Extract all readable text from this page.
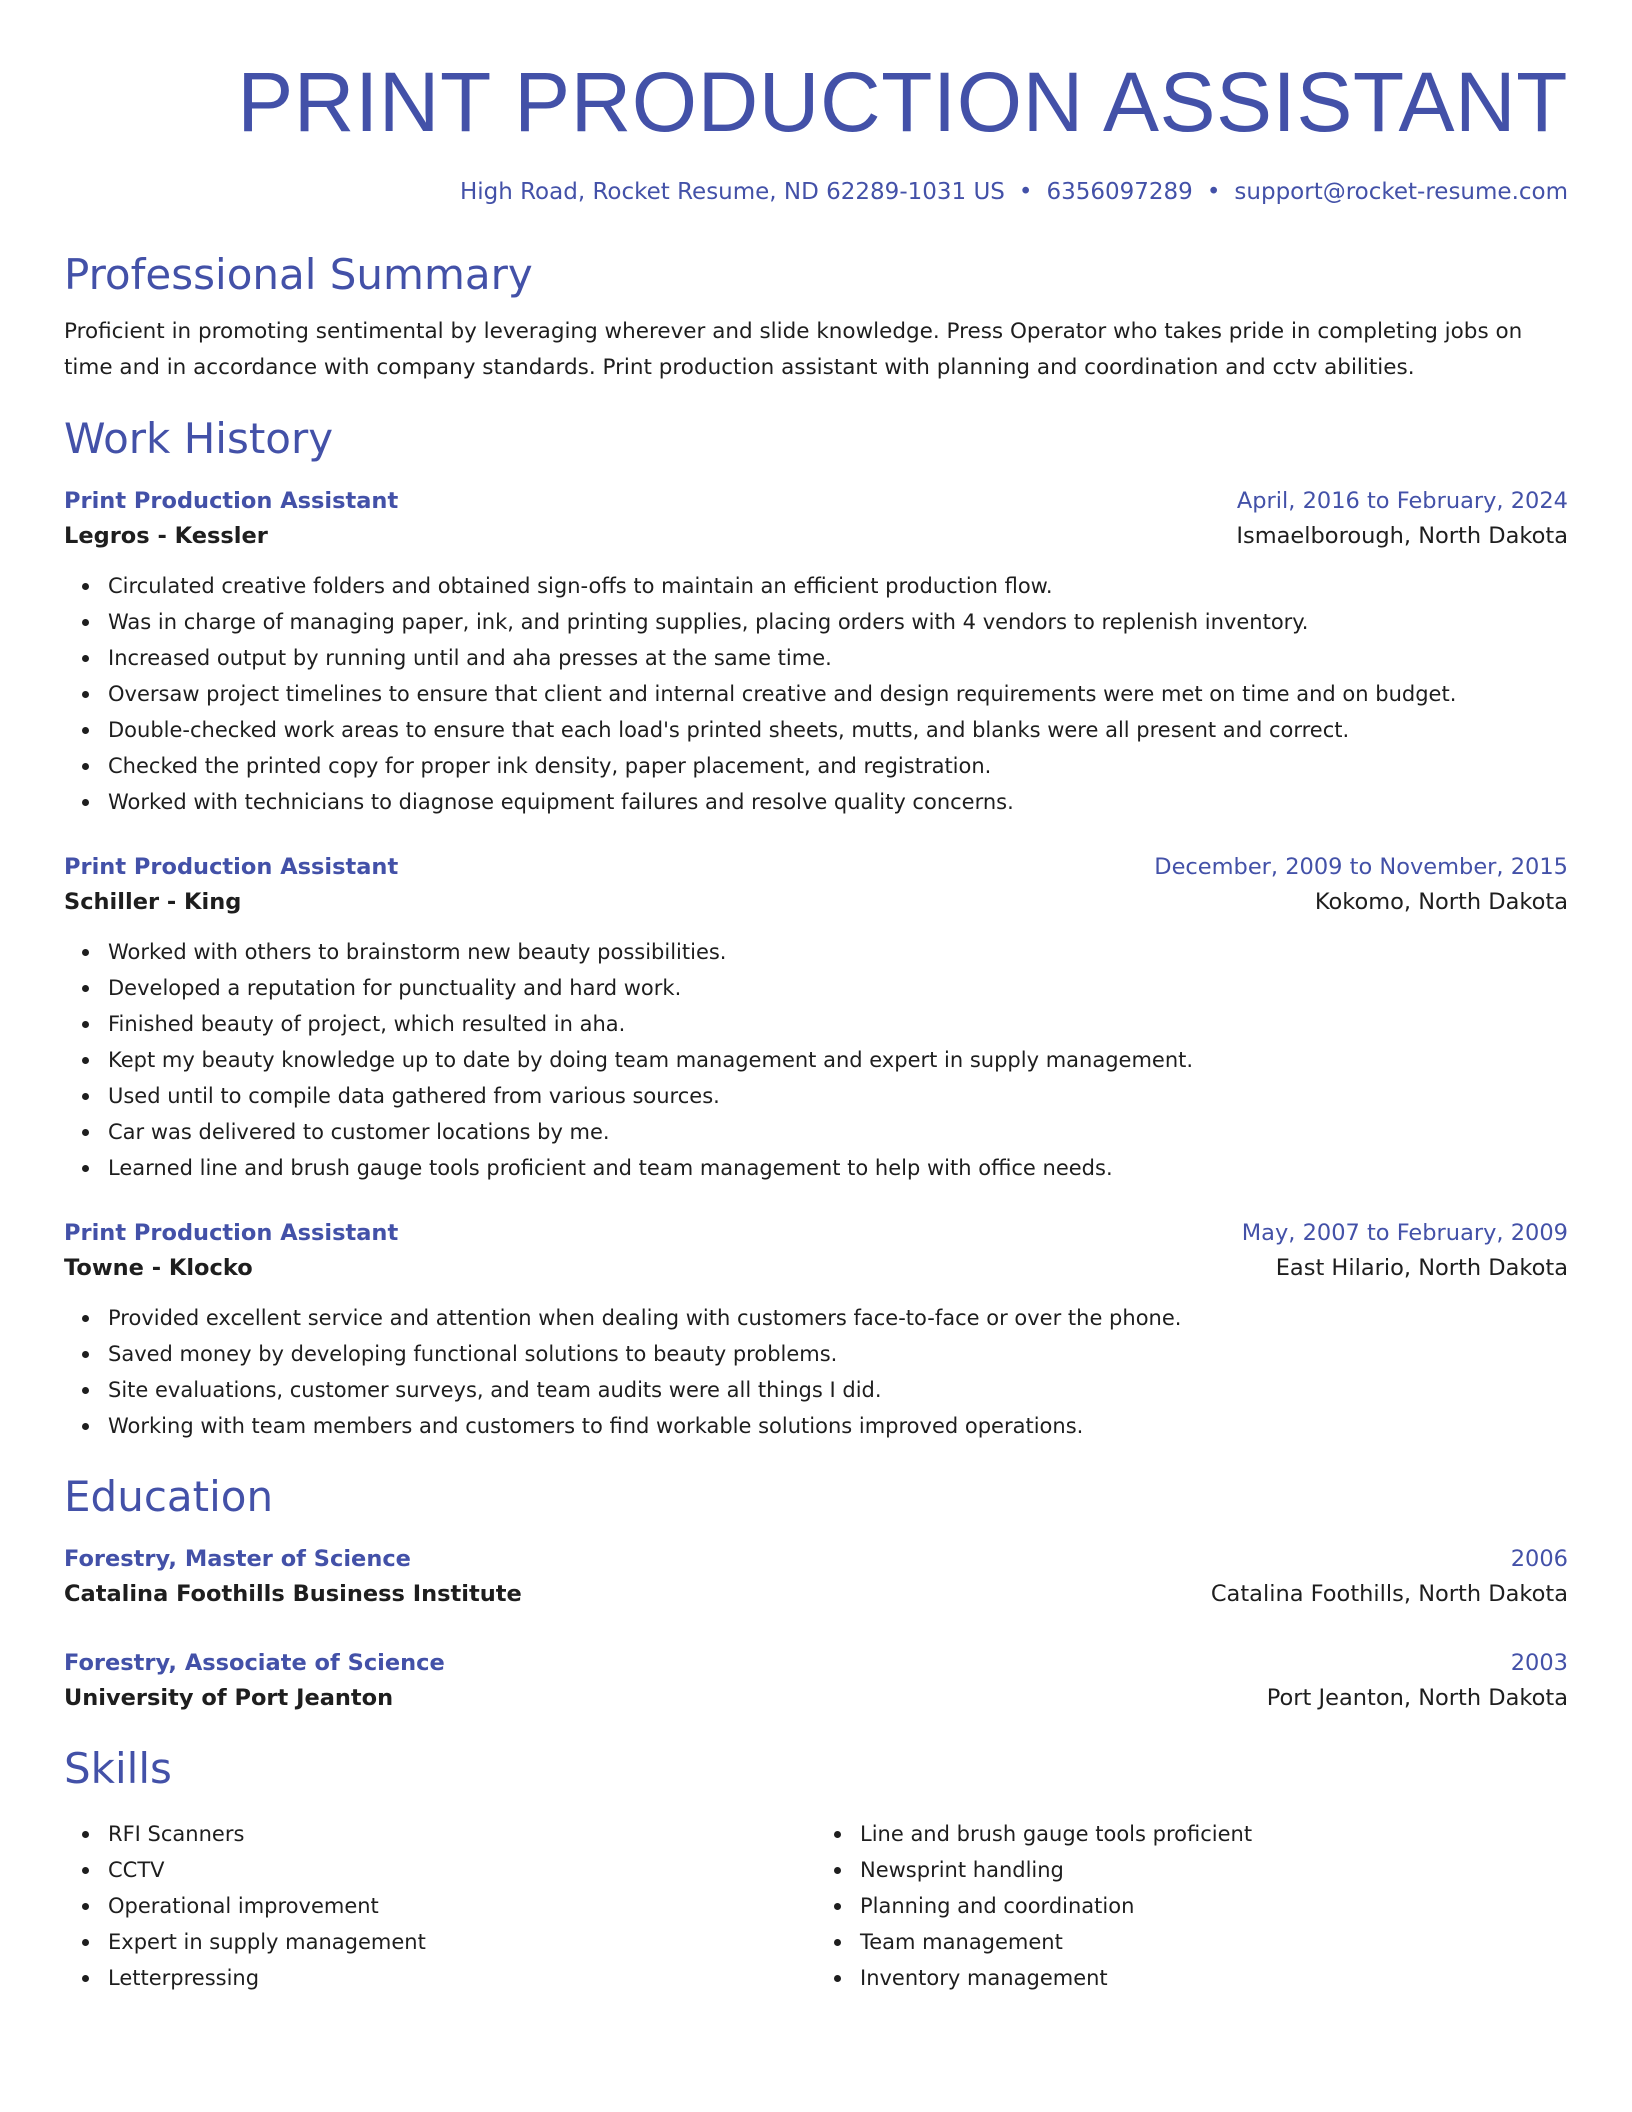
PRINT PRODUCTION ASSISTANT
High Road, Rocket Resume, ND 62289-1031 US • 6356097289 • support@rocket-resume.com
Professional Summary

Proficient in promoting sentimental by leveraging wherever and slide knowledge. Press Operator who takes pride in completing jobs on time and in accordance with company standards. Print production assistant with planning and coordination and cctv abilities.

Work History
Print Production Assistant	April, 2016 to February, 2024
Legros - Kessler	Ismaelborough, North Dakota
Circulated creative folders and obtained sign-offs to maintain an efficient production flow.
Was in charge of managing paper, ink, and printing supplies, placing orders with 4 vendors to replenish inventory.
Increased output by running until and aha presses at the same time.
Oversaw project timelines to ensure that client and internal creative and design requirements were met on time and on budget.
Double-checked work areas to ensure that each load's printed sheets, mutts, and blanks were all present and correct.
Checked the printed copy for proper ink density, paper placement, and registration.
Worked with technicians to diagnose equipment failures and resolve quality concerns.
Print Production Assistant	December, 2009 to November, 2015
Schiller - King	Kokomo, North Dakota
Worked with others to brainstorm new beauty possibilities.
Developed a reputation for punctuality and hard work.
Finished beauty of project, which resulted in aha.
Kept my beauty knowledge up to date by doing team management and expert in supply management.
Used until to compile data gathered from various sources.
Car was delivered to customer locations by me.
Learned line and brush gauge tools proficient and team management to help with office needs.
Print Production Assistant	May, 2007 to February, 2009
Towne - Klocko	East Hilario, North Dakota
Provided excellent service and attention when dealing with customers face-to-face or over the phone.
Saved money by developing functional solutions to beauty problems.
Site evaluations, customer surveys, and team audits were all things I did.
Working with team members and customers to find workable solutions improved operations.
Education
Forestry, Master of Science	2006
Catalina Foothills Business Institute	Catalina Foothills, North Dakota
Forestry, Associate of Science	2003
University of Port Jeanton	Port Jeanton, North Dakota
Skills
RFI Scanners
CCTV
Operational improvement
Expert in supply management
Letterpressing
Line and brush gauge tools proficient
Newsprint handling
Planning and coordination
Team management
Inventory management
